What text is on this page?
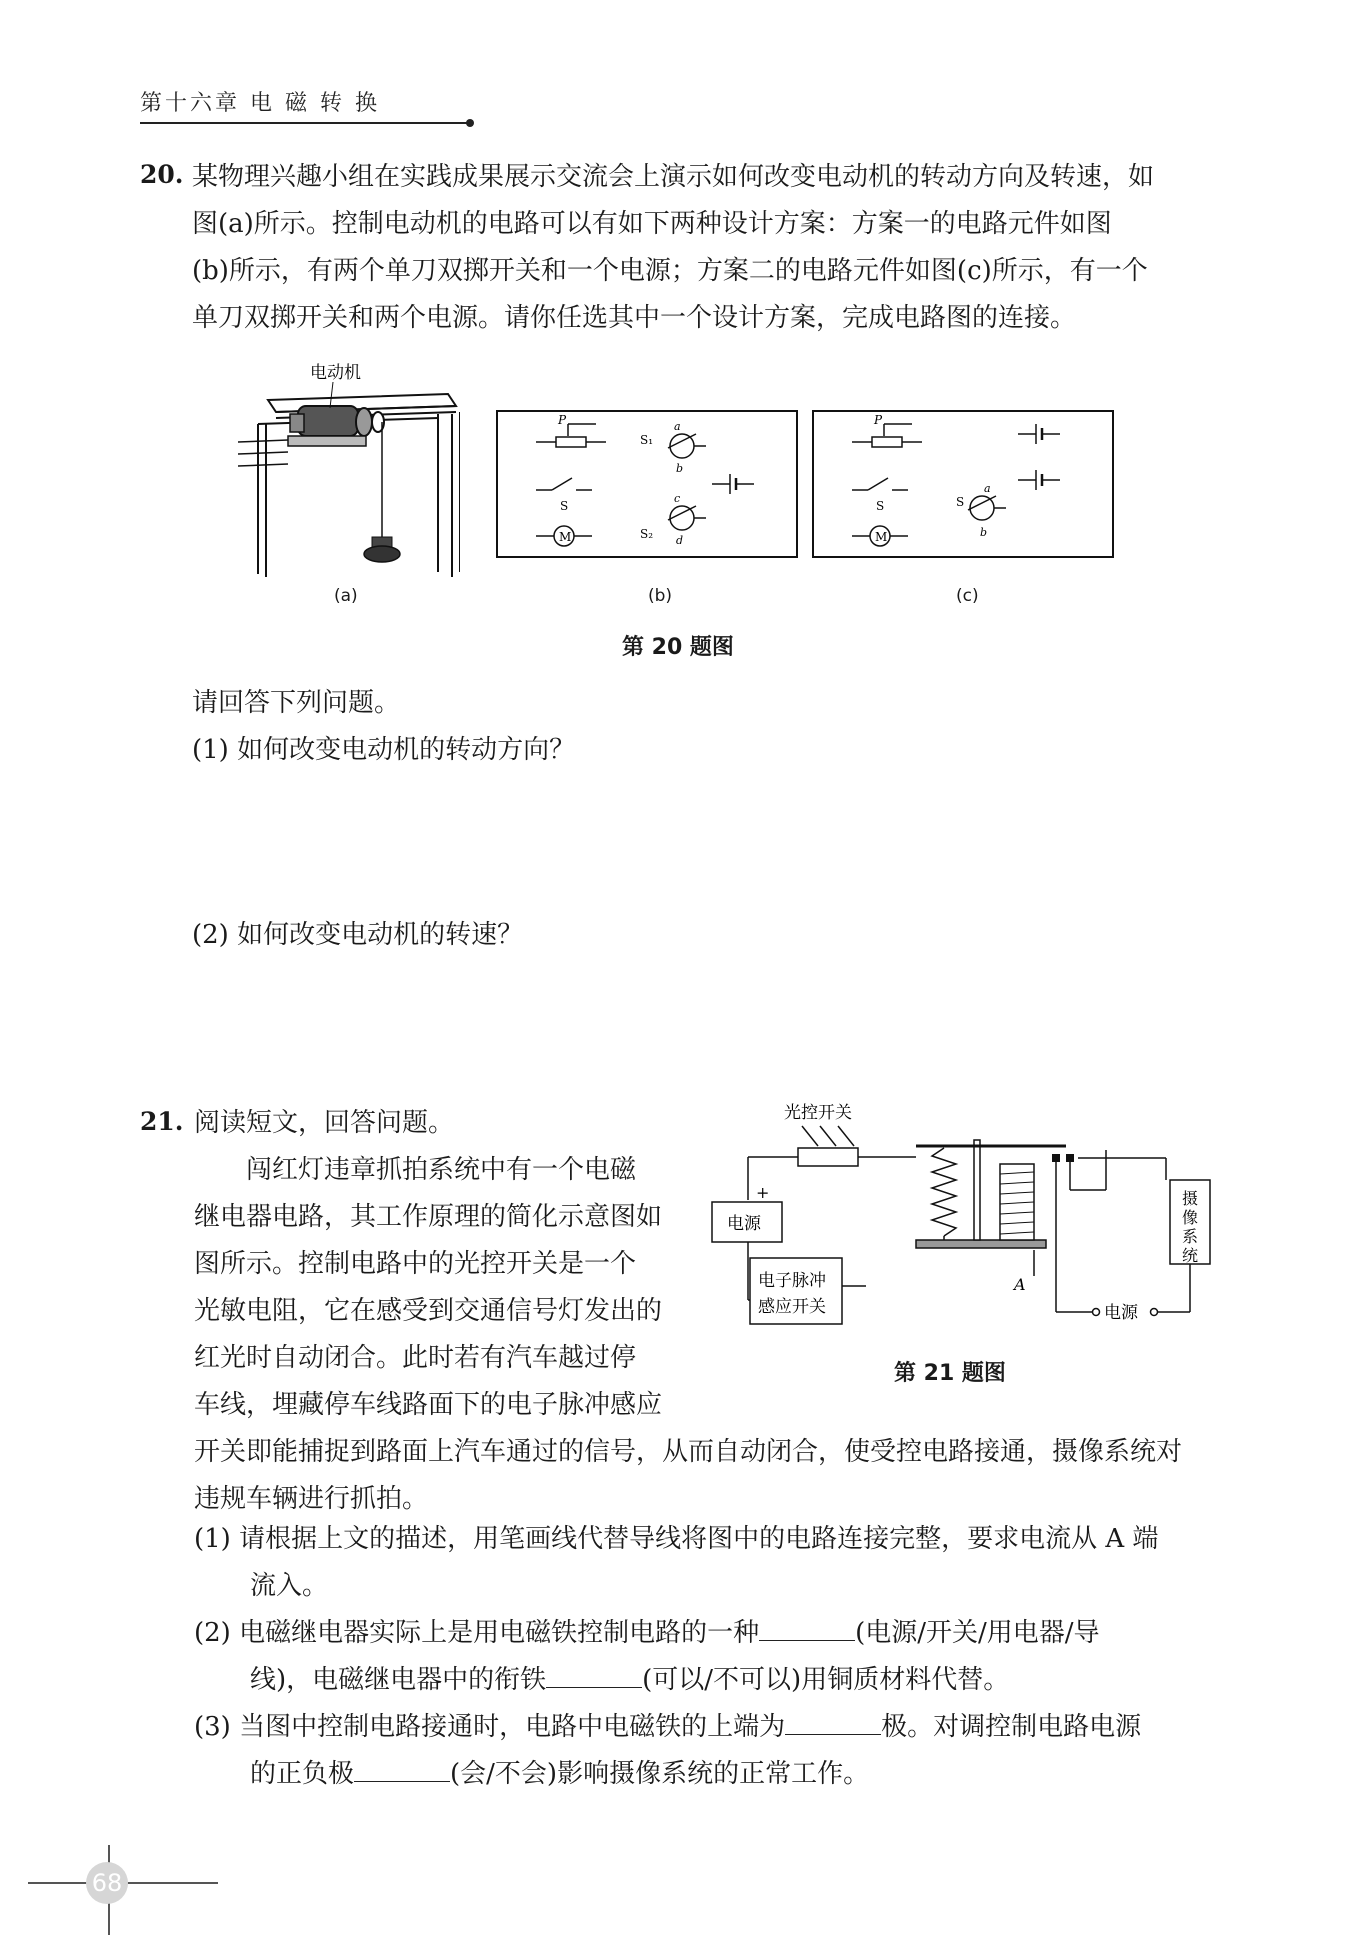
第十六章 电 磁 转 换
20. 某物理兴趣小组在实践成果展示交流会上演示如何改变电动机的转动方向及转速，如
图(a)所示。控制电动机的电路可以有如下两种设计方案：方案一的电路元件如图
(b)所示，有两个单刀双掷开关和一个电源；方案二的电路元件如图(c)所示，有一个
单刀双掷开关和两个电源。请你任选其中一个设计方案，完成电路图的连接。
电动机
(a)
P
S
M
S₁
a
b
S₂
c
d
(b)
P
S
M
S
a
b
(c)
第 20 题图
请回答下列问题。
(1) 如何改变电动机的转动方向？
(2) 如何改变电动机的转速？
21. 阅读短文，回答问题。
闯红灯违章抓拍系统中有一个电磁
继电器电路，其工作原理的简化示意图如
图所示。控制电路中的光控开关是一个
光敏电阻，它在感受到交通信号灯发出的
红光时自动闭合。此时若有汽车越过停
车线，埋藏停车线路面下的电子脉冲感应
开关即能捕捉到路面上汽车通过的信号，从而自动闭合，使受控电路接通，摄像系统对
违规车辆进行抓拍。
光控开关
+
电源
电子脉冲
感应开关
A
摄像系统
电源
第 21 题图
(1) 请根据上文的描述，用笔画线代替导线将图中的电路连接完整，要求电流从 A 端
流入。
(2) 电磁继电器实际上是用电磁铁控制电路的一种	(电源/开关/用电器/导
线)，电磁继电器中的衔铁	(可以/不可以)用铜质材料代替。
(3) 当图中控制电路接通时，电路中电磁铁的上端为	极。对调控制电路电源
的正负极	(会/不会)影响摄像系统的正常工作。
68
